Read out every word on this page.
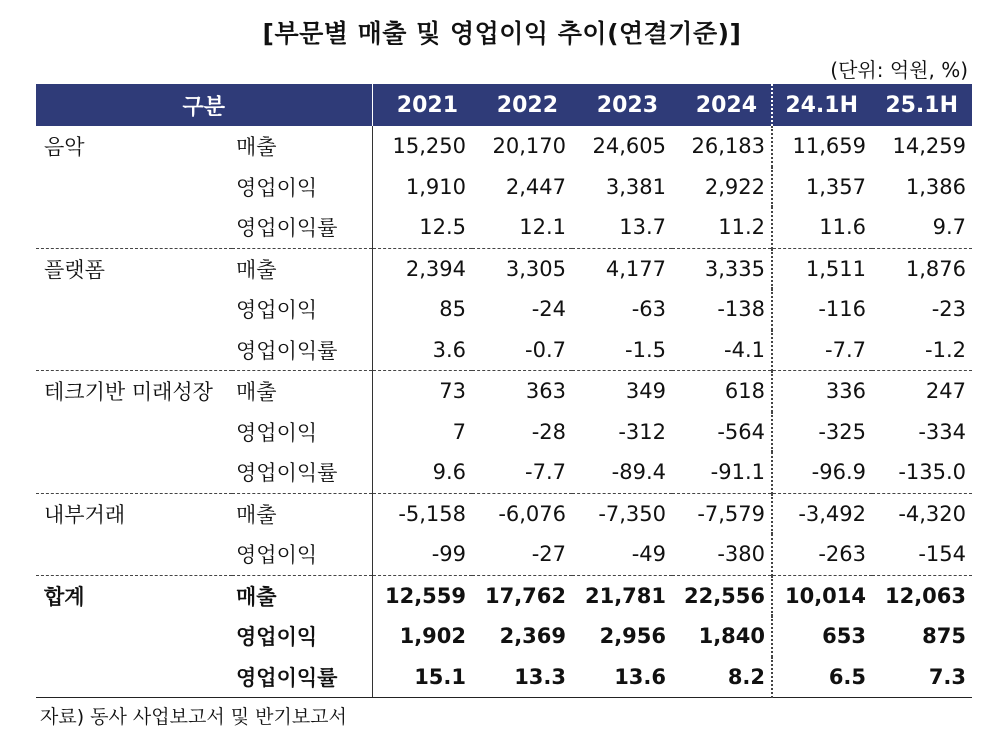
[부문별 매출 및 영업이익 추이(연결기준)]
(단위: 억원, %)
구분		2021	2022	2023	2024	24.1H	25.1H
음악	매출	15,250	20,170	24,605	26,183	11,659	14,259
	영업이익	1,910	2,447	3,381	2,922	1,357	1,386
	영업이익률	12.5	12.1	13.7	11.2	11.6	9.7
플랫폼	매출	2,394	3,305	4,177	3,335	1,511	1,876
	영업이익	85	-24	-63	-138	-116	-23
	영업이익률	3.6	-0.7	-1.5	-4.1	-7.7	-1.2
테크기반 미래성장	매출	73	363	349	618	336	247
	영업이익	7	-28	-312	-564	-325	-334
	영업이익률	9.6	-7.7	-89.4	-91.1	-96.9	-135.0
내부거래	매출	-5,158	-6,076	-7,350	-7,579	-3,492	-4,320
	영업이익	-99	-27	-49	-380	-263	-154
합계	매출	12,559	17,762	21,781	22,556	10,014	12,063
	영업이익	1,902	2,369	2,956	1,840	653	875
	영업이익률	15.1	13.3	13.6	8.2	6.5	7.3
자료) 동사 사업보고서 및 반기보고서
